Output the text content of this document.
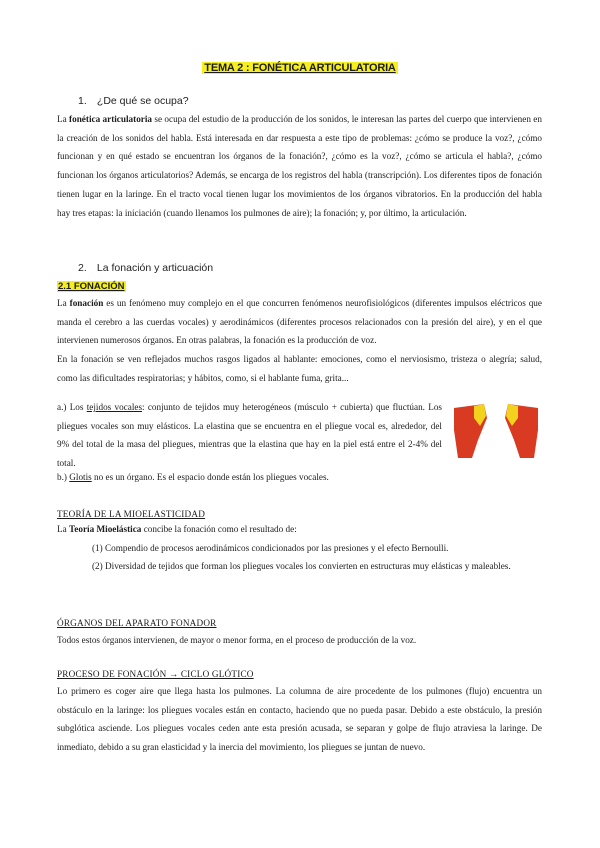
TEMA 2 : FONÉTICA ARTICULATORIA
1. ¿De qué se ocupa?

La fonética articulatoria se ocupa del estudio de la producción de los sonidos, le interesan las partes del cuerpo que intervienen en la creación de los sonidos del habla. Está interesada en dar respuesta a este tipo de problemas: ¿cómo se produce la voz?, ¿cómo funcionan y en qué estado se encuentran los órganos de la fonación?, ¿cómo es la voz?, ¿cómo se articula el habla?, ¿cómo funcionan los órganos articulatorios? Además, se encarga de los registros del habla (transcripción). Los diferentes tipos de fonación tienen lugar en la laringe. En el tracto vocal tienen lugar los movimientos de los órganos vibratorios. En la producción del habla hay tres etapas: la iniciación (cuando llenamos los pulmones de aire); la fonación; y, por último, la articulación.

2. La fonación y articuación
2.1 FONACIÓN

La fonación es un fenómeno muy complejo en el que concurren fenómenos neurofisiológicos (diferentes impulsos eléctricos que manda el cerebro a las cuerdas vocales) y aerodinámicos (diferentes procesos relacionados con la presión del aire), y en el que intervienen numerosos órganos. En otras palabras, la fonación es la producción de voz.

En la fonación se ven reflejados muchos rasgos ligados al hablante: emociones, como el nerviosismo, tristeza o alegría; salud, como las dificultades respiratorias; y hábitos, como, si el hablante fuma, grita...

a.) Los tejidos vocales: conjunto de tejidos muy heterogéneos (músculo + cubierta) que fluctúan. Los pliegues vocales son muy elásticos. La elastina que se encuentra en el pliegue vocal es, alrededor, del 9% del total de la masa del pliegues, mientras que la elastina que hay en la piel está entre el 2-4% del total.

b.) Glotis no es un órgano. Es el espacio donde están los pliegues vocales.

TEORÍA DE LA MIOELASTICIDAD

La Teoría Mioelástica concibe la fonación como el resultado de:

(1) Compendio de procesos aerodinámicos condicionados por las presiones y el efecto Bernoulli.

(2) Diversidad de tejidos que forman los pliegues vocales los convierten en estructuras muy elásticas y maleables.

ÓRGANOS DEL APARATO FONADOR

Todos estos órganos intervienen, de mayor o menor forma, en el proceso de producción de la voz.

PROCESO DE FONACIÓN → CICLO GLÓTICO

Lo primero es coger aire que llega hasta los pulmones. La columna de aire procedente de los pulmones (flujo) encuentra un obstáculo en la laringe: los pliegues vocales están en contacto, haciendo que no pueda pasar. Debido a este obstáculo, la presión subglótica asciende. Los pliegues vocales ceden ante esta presión acusada, se separan y golpe de flujo atraviesa la laringe. De inmediato, debido a su gran elasticidad y la inercia del movimiento, los pliegues se juntan de nuevo.
